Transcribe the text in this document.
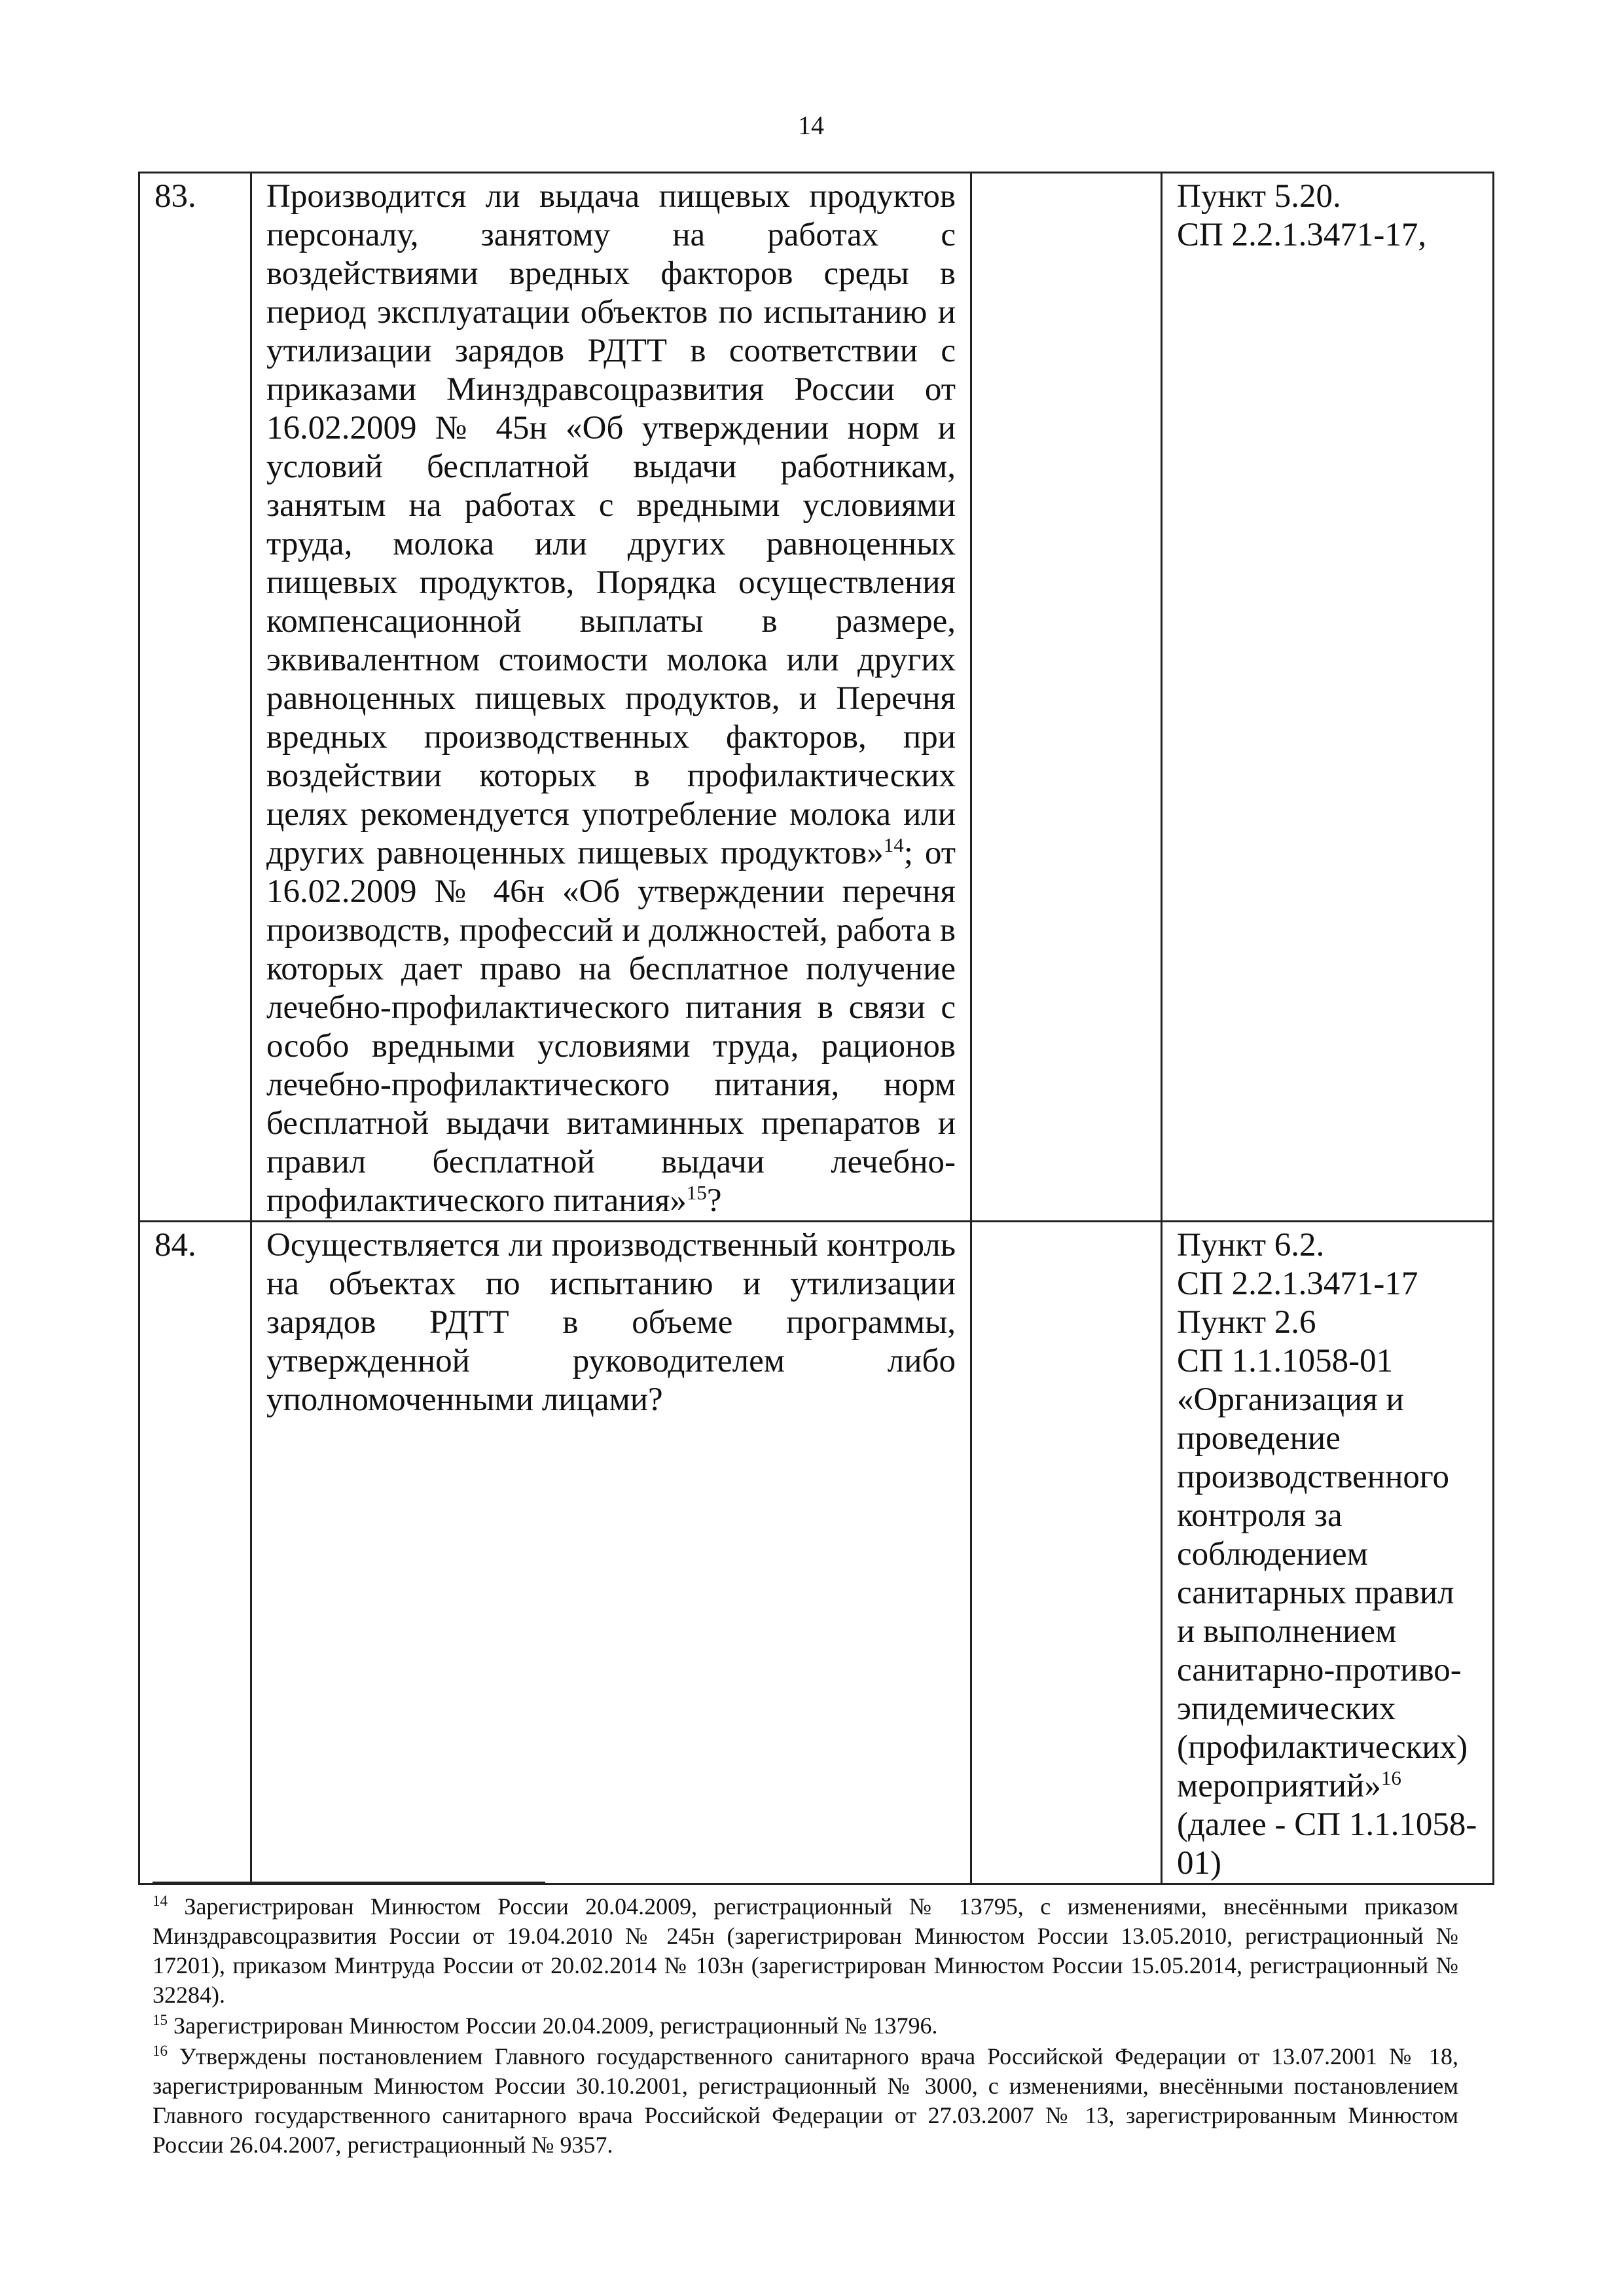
14
83.	Производится ли выдача пищевых продуктов персоналу, занятому на работах с воздействиями вредных факторов среды в период эксплуатации объектов по испытанию и утилизации зарядов РДТТ в соответствии с приказами Минздравсоцразвития России от 16.02.2009 № 45н «Об утверждении норм и условий бесплатной выдачи работникам, занятым на работах с вредными условиями труда, молока или других равноценных пищевых продуктов, Порядка осуществления компенсационной выплаты в размере, эквивалентном стоимости молока или других равноценных пищевых продуктов, и Перечня вредных производственных факторов, при воздействии которых в профилактических целях рекомендуется употребление молока или других равноценных пищевых продуктов»$^{14}$; от 16.02.2009 № 46н «Об утверждении перечня производств, профессий и должностей, работа в которых дает право на бесплатное получение лечебно-профилактического питания в связи с особо вредными условиями труда, рационов лечебно-профилактического питания, норм бесплатной выдачи витаминных препаратов и правил бесплатной выдачи лечебно-профилактического питания»$^{15}$?		Пункт 5.20.
СП 2.2.1.3471-17,

84.	Осуществляется ли производственный контроль на объектах по испытанию и утилизации зарядов РДТТ в объеме программы, утвержденной руководителем либо уполномоченными лицами?		Пункт 6.2.
СП 2.2.1.3471-17
Пункт 2.6
СП 1.1.1058-01
«Организация и проведение производственного контроля за соблюдением санитарных правил и выполнением санитарно-противо-эпидемических (профилактических) мероприятий»$^{16}$ (далее - СП 1.1.1058-01)

$^{14}$ Зарегистрирован Минюстом России 20.04.2009, регистрационный № 13795, с изменениями, внесёнными приказом Минздравсоцразвития России от 19.04.2010 № 245н (зарегистрирован Минюстом России 13.05.2010, регистрационный № 17201), приказом Минтруда России от 20.02.2014 № 103н (зарегистрирован Минюстом России 15.05.2014, регистрационный № 32284).

$^{15}$ Зарегистрирован Минюстом России 20.04.2009, регистрационный № 13796.

$^{16}$ Утверждены постановлением Главного государственного санитарного врача Российской Федерации от 13.07.2001 № 18, зарегистрированным Минюстом России 30.10.2001, регистрационный № 3000, с изменениями, внесёнными постановлением Главного государственного санитарного врача Российской Федерации от 27.03.2007 № 13, зарегистрированным Минюстом России 26.04.2007, регистрационный № 9357.
